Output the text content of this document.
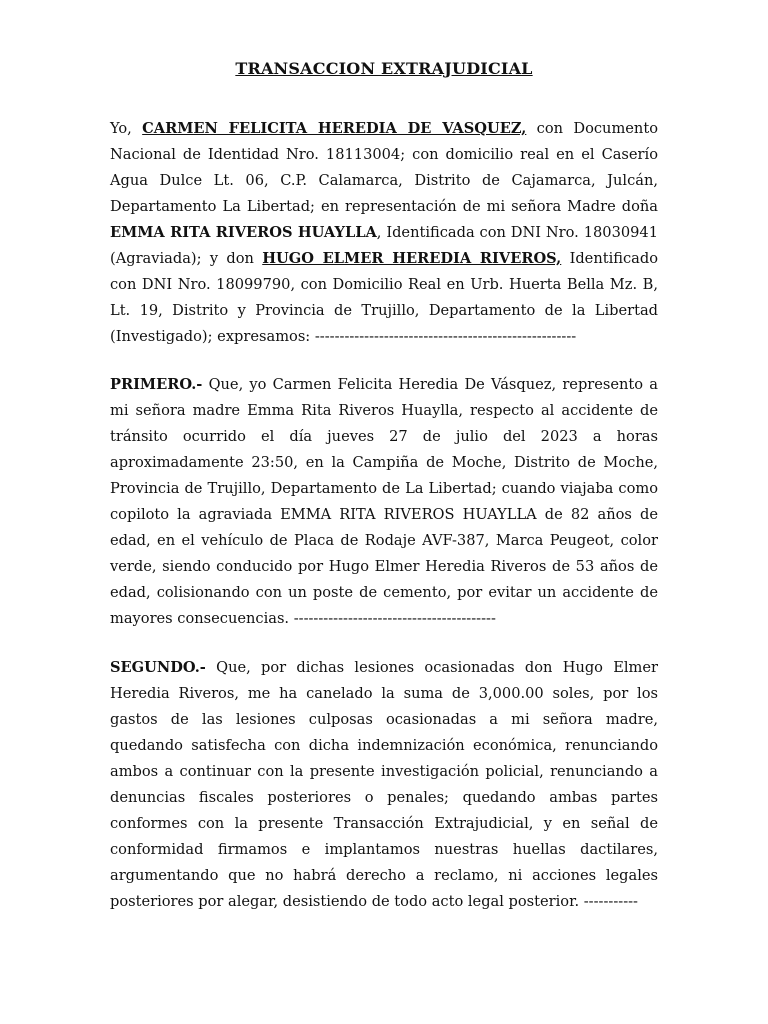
TRANSACCION EXTRAJUDICIAL

Yo, CARMEN FELICITA HEREDIA DE VASQUEZ, con Documento Nacional de Identidad Nro. 18113004; con domicilio real en el Caserío Agua Dulce Lt. 06, C.P. Calamarca, Distrito de Cajamarca, Julcán, Departamento La Libertad; en representación de mi señora Madre doña EMMA RITA RIVEROS HUAYLLA, Identificada con DNI Nro. 18030941 (Agraviada); y don HUGO ELMER HEREDIA RIVEROS, Identificado con DNI Nro. 18099790, con Domicilio Real en Urb. Huerta Bella Mz. B, Lt. 19, Distrito y Provincia de Trujillo, Departamento de la Libertad (Investigado); expresamos: -----------------------------------------------------

PRIMERO.- Que, yo Carmen Felicita Heredia De Vásquez, represento a mi señora madre Emma Rita Riveros Huaylla, respecto al accidente de tránsito ocurrido el día jueves 27 de julio del 2023 a horas aproximadamente 23:50, en la Campiña de Moche, Distrito de Moche, Provincia de Trujillo, Departamento de La Libertad; cuando viajaba como copiloto la agraviada EMMA RITA RIVEROS HUAYLLA de 82 años de edad, en el vehículo de Placa de Rodaje AVF-387, Marca Peugeot, color verde, siendo conducido por Hugo Elmer Heredia Riveros de 53 años de edad, colisionando con un poste de cemento, por evitar un accidente de mayores consecuencias. -----------------------------------------

SEGUNDO.- Que, por dichas lesiones ocasionadas don Hugo Elmer Heredia Riveros, me ha canelado la suma de 3,000.00 soles, por los gastos de las lesiones culposas ocasionadas a mi señora madre, quedando satisfecha con dicha indemnización económica, renunciando ambos a continuar con la presente investigación policial, renunciando a denuncias fiscales posteriores o penales; quedando ambas partes conformes con la presente Transacción Extrajudicial, y en señal de conformidad firmamos e implantamos nuestras huellas dactilares, argumentando que no habrá derecho a reclamo, ni acciones legales posteriores por alegar, desistiendo de todo acto legal posterior. -----------
